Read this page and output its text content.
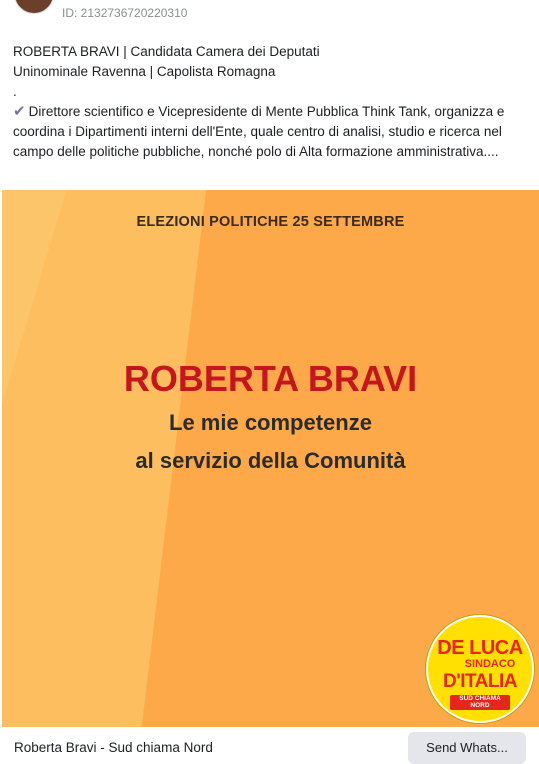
ID: 2132736720220310
ROBERTA BRAVI | Candidata Camera dei Deputati
Uninominale Ravenna | Capolista Romagna
.
✔ Direttore scientifico e Vicepresidente di Mente Pubblica Think Tank, organizza e coordina i Dipartimenti interni dell'Ente, quale centro di analisi, studio e ricerca nel campo delle politiche pubbliche, nonché polo di Alta formazione amministrativa....
ELEZIONI POLITICHE 25 SETTEMBRE
ROBERTA BRAVI
Le mie competenze
al servizio della Comunità
DE LUCA
SINDACO
D'ITALIA
SUD CHIAMA NORD
Roberta Bravi - Sud chiama Nord	Send Whats...
